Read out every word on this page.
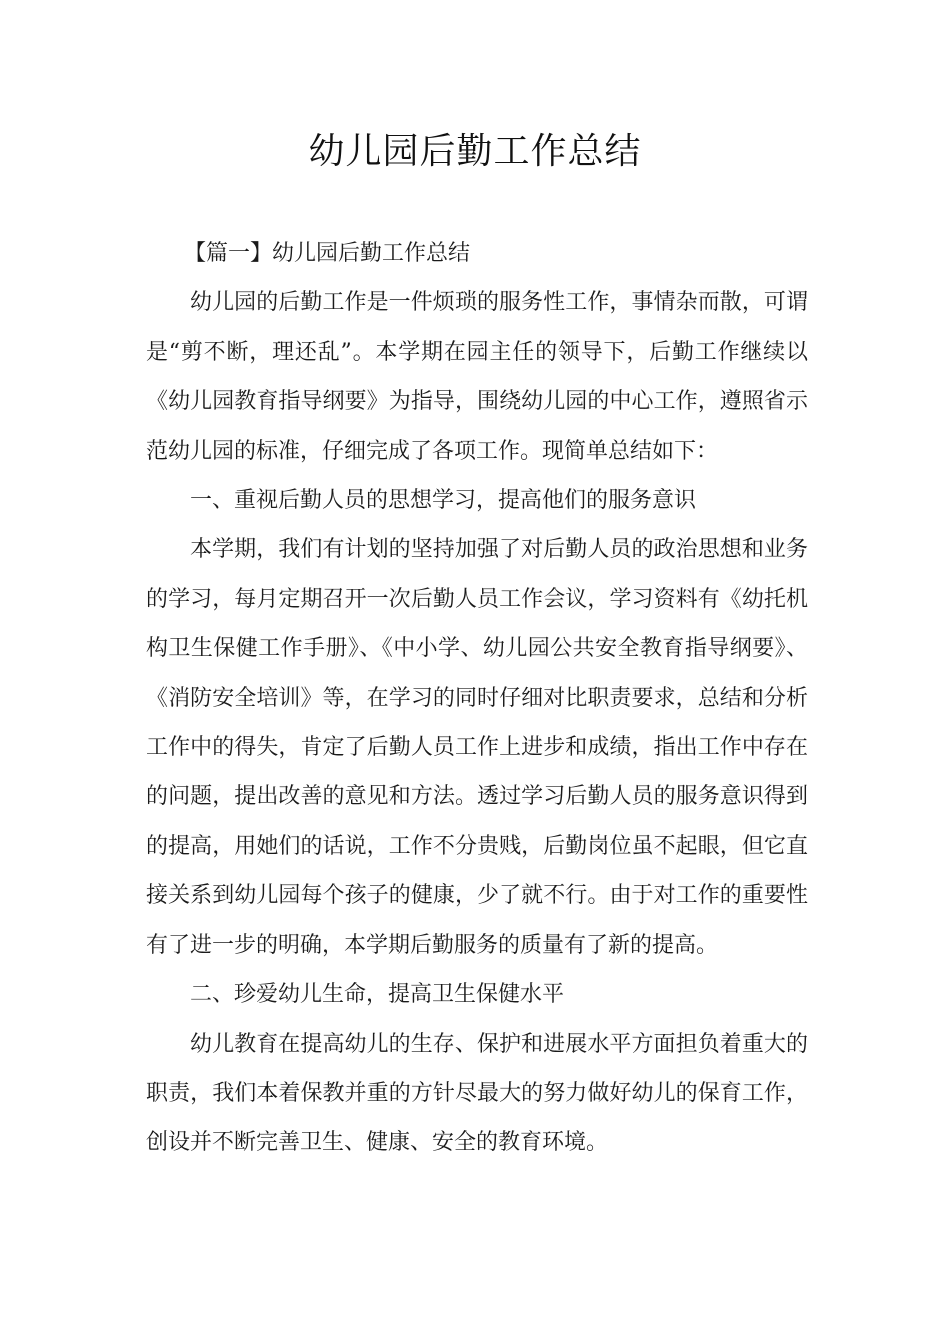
幼儿园后勤工作总结

【篇一】幼儿园后勤工作总结

幼儿园的后勤工作是一件烦琐的服务性工作，事情杂而散，可谓是“剪不断，理还乱”。本学期在园主任的领导下，后勤工作继续以《幼儿园教育指导纲要》为指导，围绕幼儿园的中心工作，遵照省示范幼儿园的标准，仔细完成了各项工作。现简单总结如下：

一、重视后勤人员的思想学习，提高他们的服务意识

本学期，我们有计划的坚持加强了对后勤人员的政治思想和业务的学习，每月定期召开一次后勤人员工作会议，学习资料有《幼托机构卫生保健工作手册》、《中小学、幼儿园公共安全教育指导纲要》、《消防安全培训》等，在学习的同时仔细对比职责要求，总结和分析工作中的得失，肯定了后勤人员工作上进步和成绩，指出工作中存在的问题，提出改善的意见和方法。透过学习后勤人员的服务意识得到的提高，用她们的话说，工作不分贵贱，后勤岗位虽不起眼，但它直接关系到幼儿园每个孩子的健康，少了就不行。由于对工作的重要性有了进一步的明确，本学期后勤服务的质量有了新的提高。

二、珍爱幼儿生命，提高卫生保健水平

幼儿教育在提高幼儿的生存、保护和进展水平方面担负着重大的职责，我们本着保教并重的方针尽最大的努力做好幼儿的保育工作，创设并不断完善卫生、健康、安全的教育环境。
